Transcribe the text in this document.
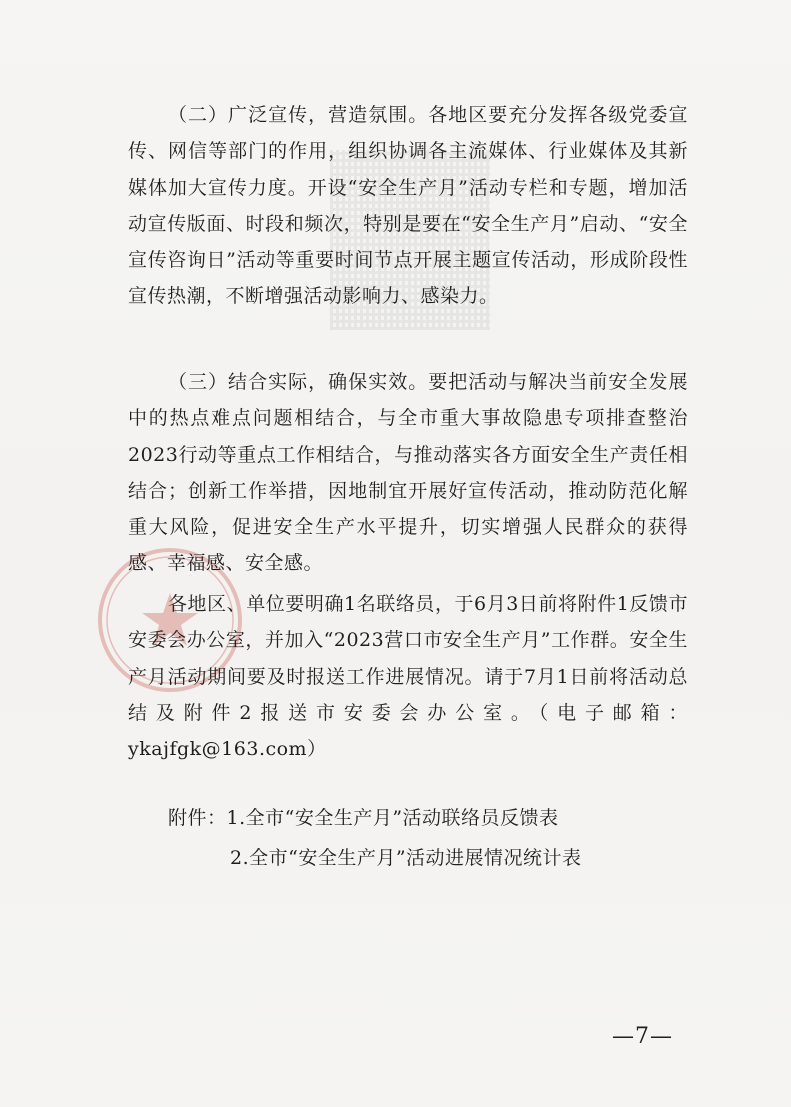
（二）广泛宣传，营造氛围。各地区要充分发挥各级党委宣传、网信等部门的作用，组织协调各主流媒体、行业媒体及其新媒体加大宣传力度。开设“安全生产月”活动专栏和专题，增加活动宣传版面、时段和频次，特别是要在“安全生产月”启动、“安全宣传咨询日”活动等重要时间节点开展主题宣传活动，形成阶段性宣传热潮，不断增强活动影响力、感染力。

（三）结合实际，确保实效。要把活动与解决当前安全发展中的热点难点问题相结合，与全市重大事故隐患专项排查整治2023行动等重点工作相结合，与推动落实各方面安全生产责任相结合；创新工作举措，因地制宜开展好宣传活动，推动防范化解重大风险，促进安全生产水平提升，切实增强人民群众的获得感、幸福感、安全感。

各地区、单位要明确1名联络员，于6月3日前将附件1反馈市安委会办公室，并加入“2023营口市安全生产月”工作群。安全生产月活动期间要及时报送工作进展情况。请于7月1日前将活动总结及附件2报送市安委会办公室。（电子邮箱：ykajfgk@163.com）

附件：1.全市“安全生产月”活动联络员反馈表
2.全市“安全生产月”活动进展情况统计表
—7—
